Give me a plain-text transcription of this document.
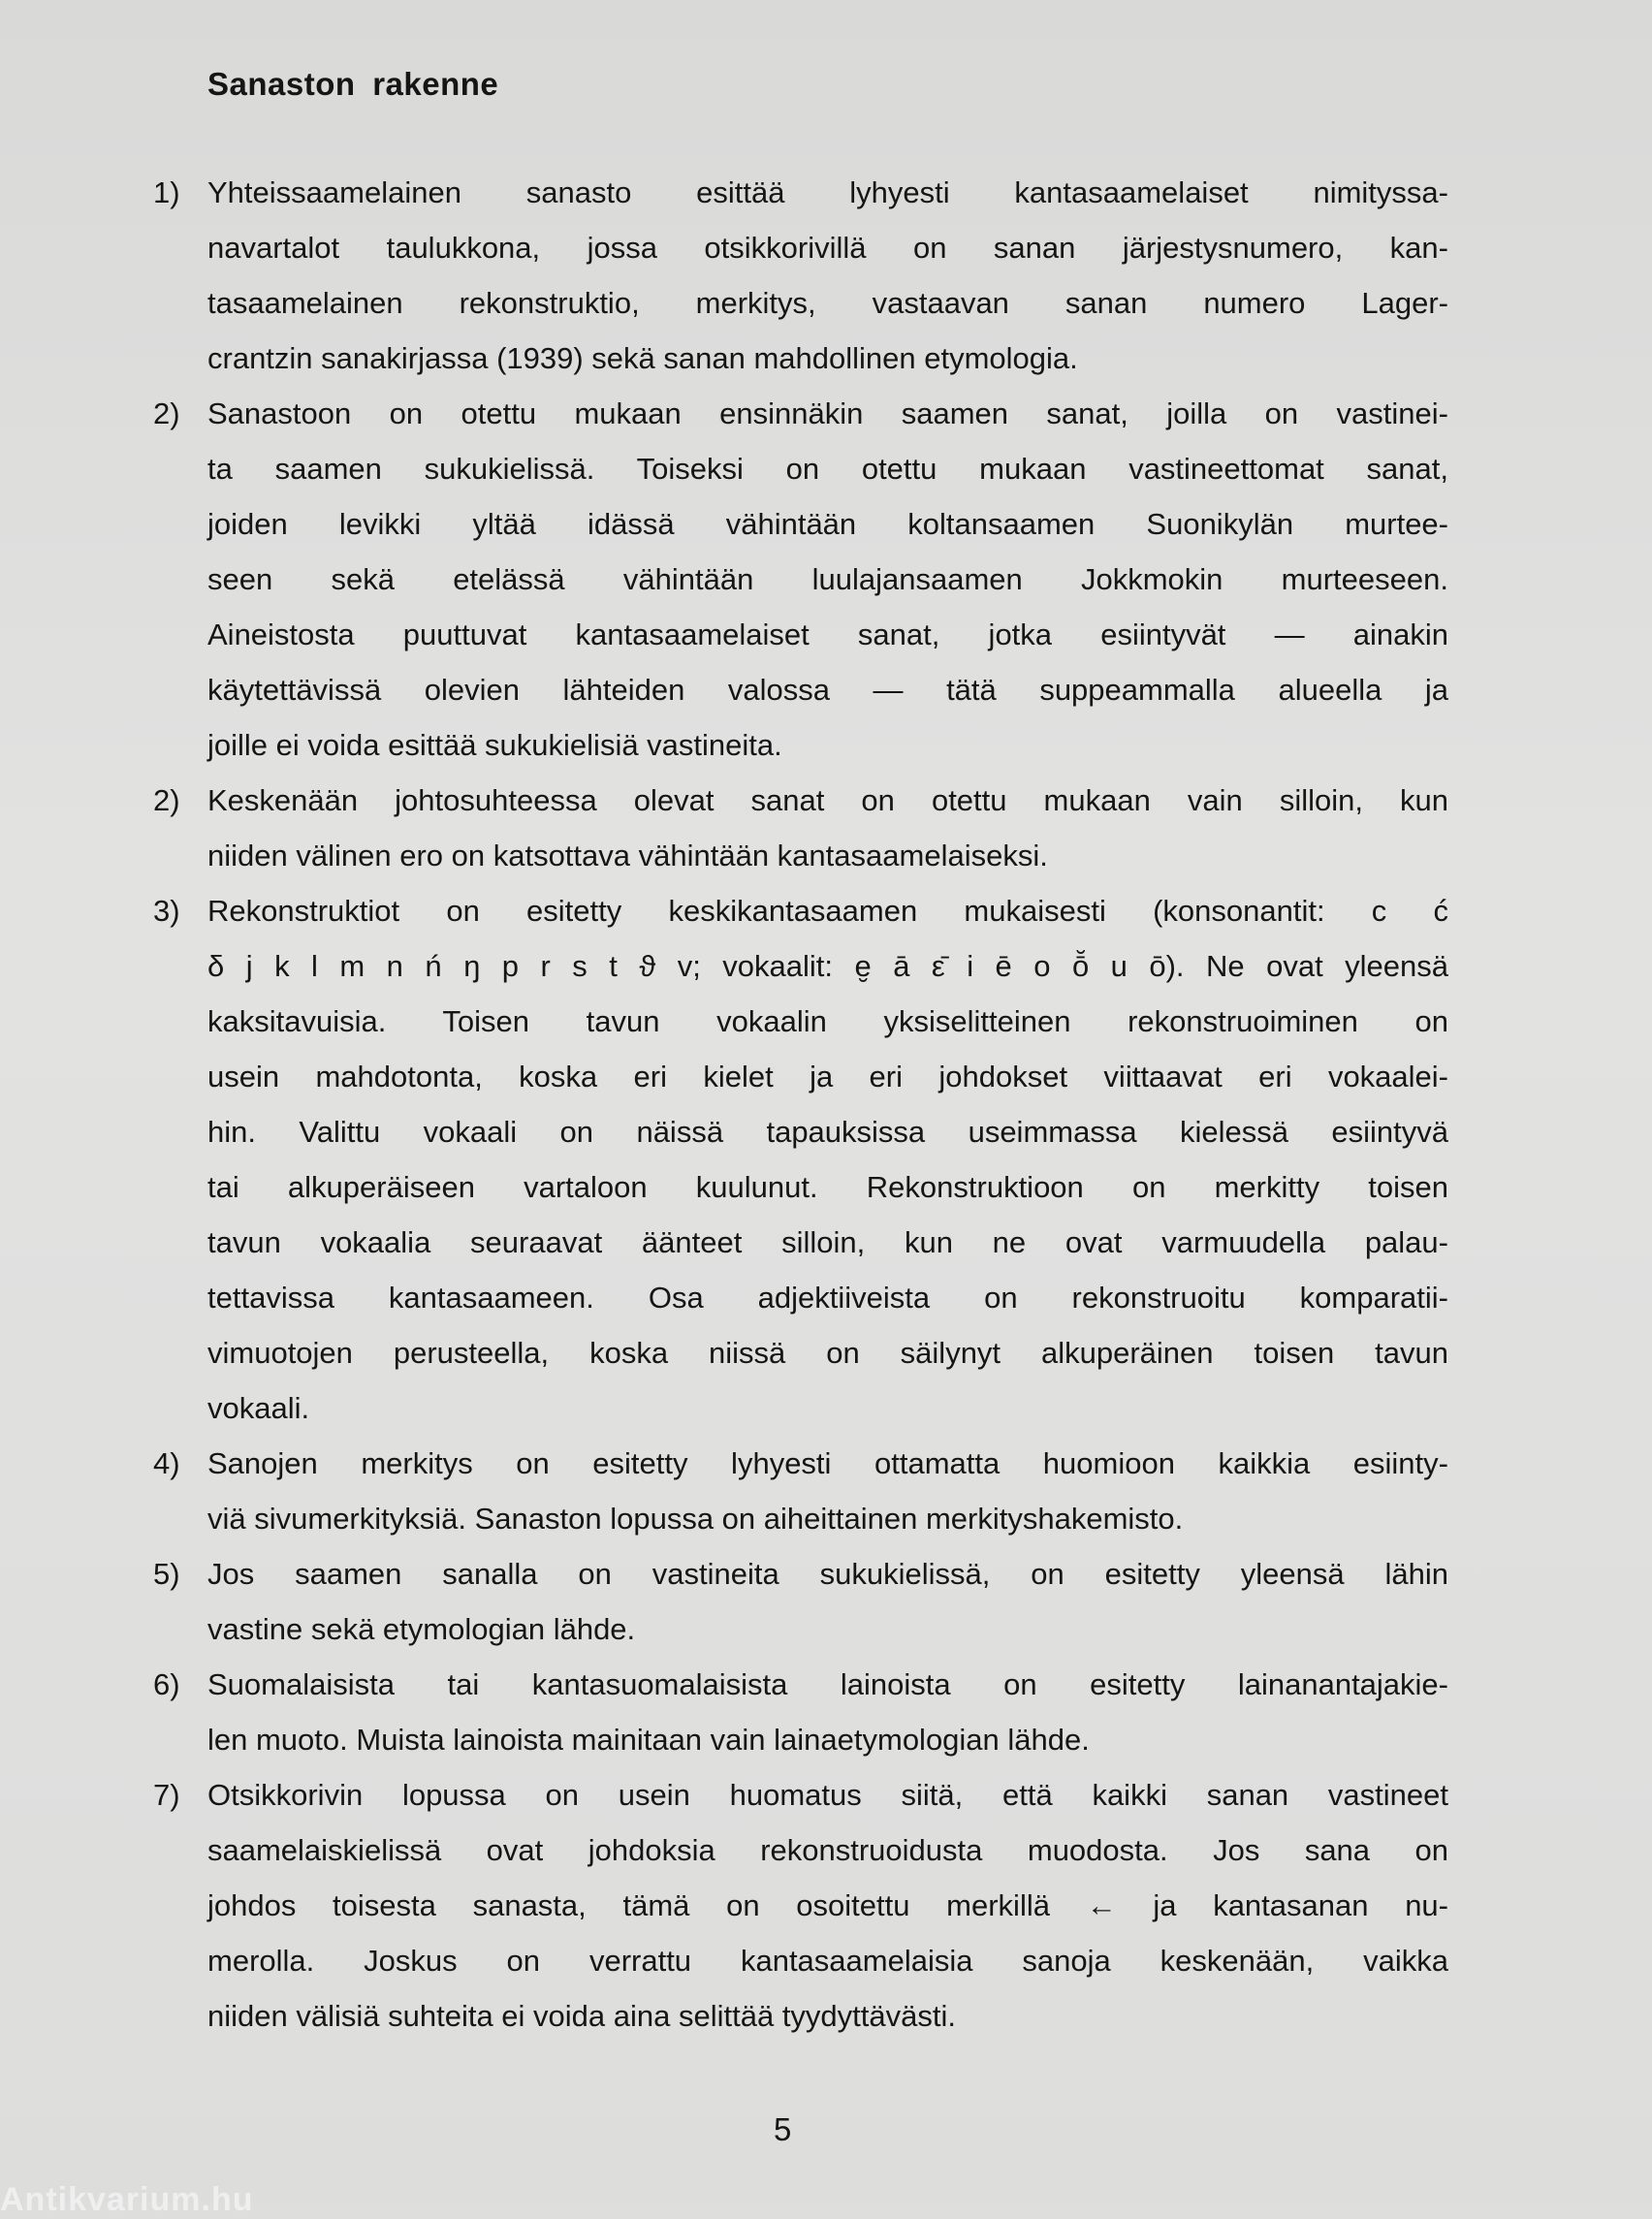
Sanaston rakenne
1) Yhteissaamelainen sanasto esittää lyhyesti kantasaamelaiset nimityssa-
navartalot taulukkona, jossa otsikkorivillä on sanan järjestysnumero, kan-
tasaamelainen rekonstruktio, merkitys, vastaavan sanan numero Lager-
crantzin sanakirjassa (1939) sekä sanan mahdollinen etymologia.
2) Sanastoon on otettu mukaan ensinnäkin saamen sanat, joilla on vastinei-
ta saamen sukukielissä. Toiseksi on otettu mukaan vastineettomat sanat,
joiden levikki yltää idässä vähintään koltansaamen Suonikylän murtee-
seen sekä etelässä vähintään luulajansaamen Jokkmokin murteeseen.
Aineistosta puuttuvat kantasaamelaiset sanat, jotka esiintyvät — ainakin
käytettävissä olevien lähteiden valossa — tätä suppeammalla alueella ja
joille ei voida esittää sukukielisiä vastineita.
2) Keskenään johtosuhteessa olevat sanat on otettu mukaan vain silloin, kun
niiden välinen ero on katsottava vähintään kantasaamelaiseksi.
3) Rekonstruktiot on esitetty keskikantasaamen mukaisesti (konsonantit: c ć
δ j k l m n ń ŋ p r s t ϑ v; vokaalit: e̮ ā ε̄ i ē o ō̆ u ō). Ne ovat yleensä
kaksitavuisia. Toisen tavun vokaalin yksiselitteinen rekonstruoiminen on
usein mahdotonta, koska eri kielet ja eri johdokset viittaavat eri vokaalei-
hin. Valittu vokaali on näissä tapauksissa useimmassa kielessä esiintyvä
tai alkuperäiseen vartaloon kuulunut. Rekonstruktioon on merkitty toisen
tavun vokaalia seuraavat äänteet silloin, kun ne ovat varmuudella palau-
tettavissa kantasaameen. Osa adjektiiveista on rekonstruoitu komparatii-
vimuotojen perusteella, koska niissä on säilynyt alkuperäinen toisen tavun
vokaali.
4) Sanojen merkitys on esitetty lyhyesti ottamatta huomioon kaikkia esiinty-
viä sivumerkityksiä. Sanaston lopussa on aiheittainen merkityshakemisto.
5) Jos saamen sanalla on vastineita sukukielissä, on esitetty yleensä lähin
vastine sekä etymologian lähde.
6) Suomalaisista tai kantasuomalaisista lainoista on esitetty lainanantajakie-
len muoto. Muista lainoista mainitaan vain lainaetymologian lähde.
7) Otsikkorivin lopussa on usein huomatus siitä, että kaikki sanan vastineet
saamelaiskielissä ovat johdoksia rekonstruoidusta muodosta. Jos sana on
johdos toisesta sanasta, tämä on osoitettu merkillä ← ja kantasanan nu-
merolla. Joskus on verrattu kantasaamelaisia sanoja keskenään, vaikka
niiden välisiä suhteita ei voida aina selittää tyydyttävästi.
5
Antikvarium.hu
